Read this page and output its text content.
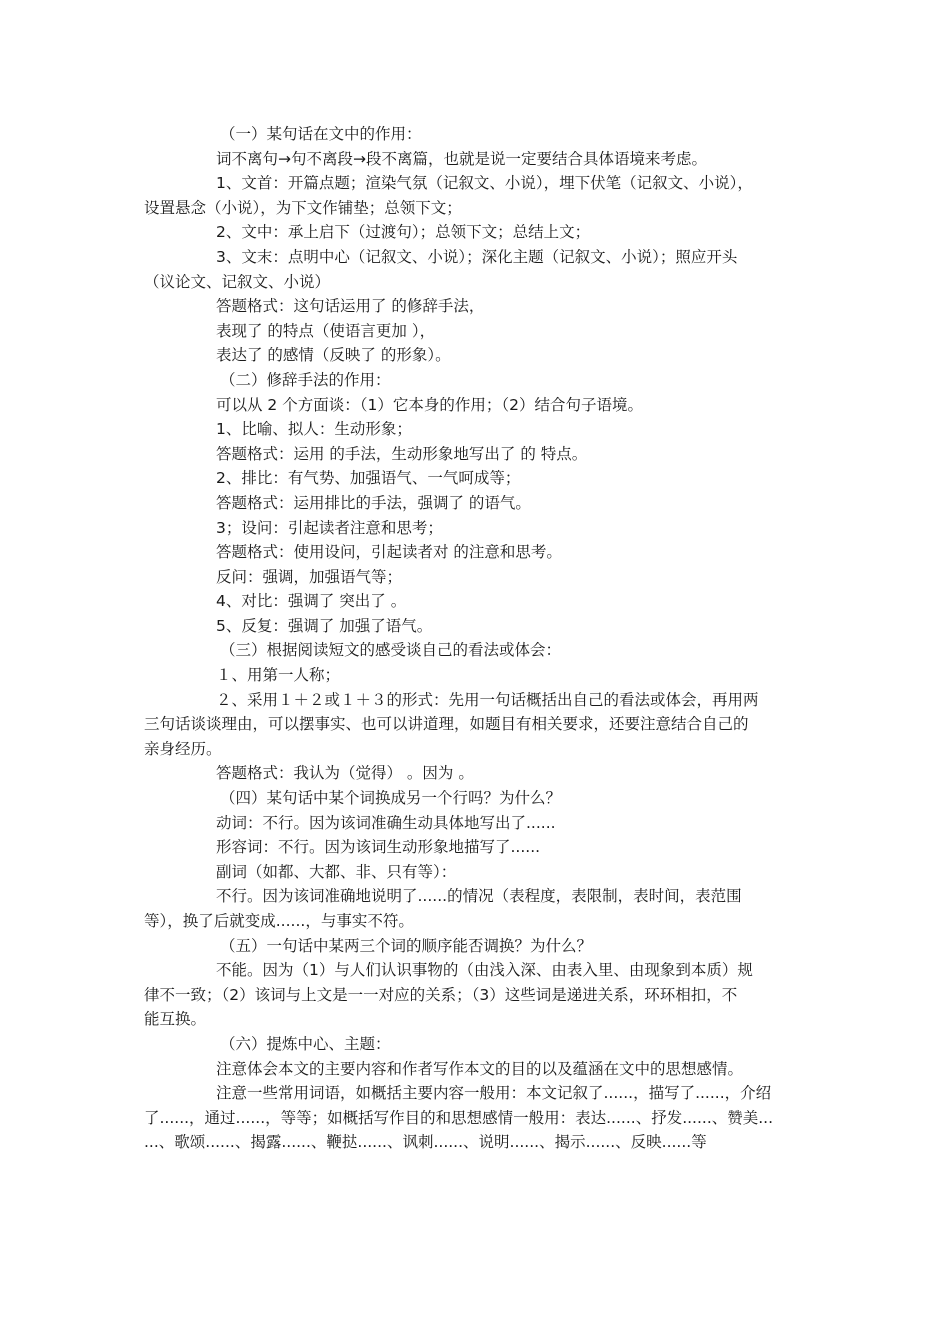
（一）某句话在文中的作用：
词不离句→句不离段→段不离篇，也就是说一定要结合具体语境来考虑。
1、文首：开篇点题；渲染气氛（记叙文、小说），埋下伏笔（记叙文、小说），
设置悬念（小说），为下文作铺垫；总领下文；
2、文中：承上启下（过渡句）；总领下文；总结上文；
3、文末：点明中心（记叙文、小说）；深化主题（记叙文、小说）；照应开头
（议论文、记叙文、小说）
答题格式：这句话运用了 的修辞手法，
表现了 的特点（使语言更加 ），
表达了 的感情（反映了 的形象）。
（二）修辞手法的作用：
可以从 2 个方面谈：（1）它本身的作用；（2）结合句子语境。
1、比喻、拟人：生动形象；
答题格式：运用 的手法，生动形象地写出了 的 特点。
2、排比：有气势、加强语气、一气呵成等；
答题格式：运用排比的手法，强调了 的语气。
3；设问：引起读者注意和思考；
答题格式：使用设问，引起读者对 的注意和思考。
反问：强调，加强语气等；
4、对比：强调了 突出了 。
5、反复：强调了 加强了语气。
（三）根据阅读短文的感受谈自己的看法或体会：
１、用第一人称；
２、采用１＋２或１＋３的形式：先用一句话概括出自己的看法或体会，再用两
三句话谈谈理由，可以摆事实、也可以讲道理，如题目有相关要求，还要注意结合自己的
亲身经历。
答题格式：我认为（觉得） 。因为 。
（四）某句话中某个词换成另一个行吗？为什么？
动词：不行。因为该词准确生动具体地写出了......
形容词：不行。因为该词生动形象地描写了......
副词（如都、大都、非、只有等）：
不行。因为该词准确地说明了......的情况（表程度，表限制，表时间，表范围
等），换了后就变成......，与事实不符。
（五）一句话中某两三个词的顺序能否调换？为什么？
不能。因为（1）与人们认识事物的（由浅入深、由表入里、由现象到本质）规
律不一致；（2）该词与上文是一一对应的关系；（3）这些词是递进关系，环环相扣，不
能互换。
（六）提炼中心、主题：
注意体会本文的主要内容和作者写作本文的目的以及蕴涵在文中的思想感情。
注意一些常用词语，如概括主要内容一般用：本文记叙了......，描写了......，介绍
了......，通过......，等等；如概括写作目的和思想感情一般用：表达......、抒发......、赞美...
...、歌颂......、揭露......、鞭挞......、讽刺......、说明......、揭示......、反映......等
